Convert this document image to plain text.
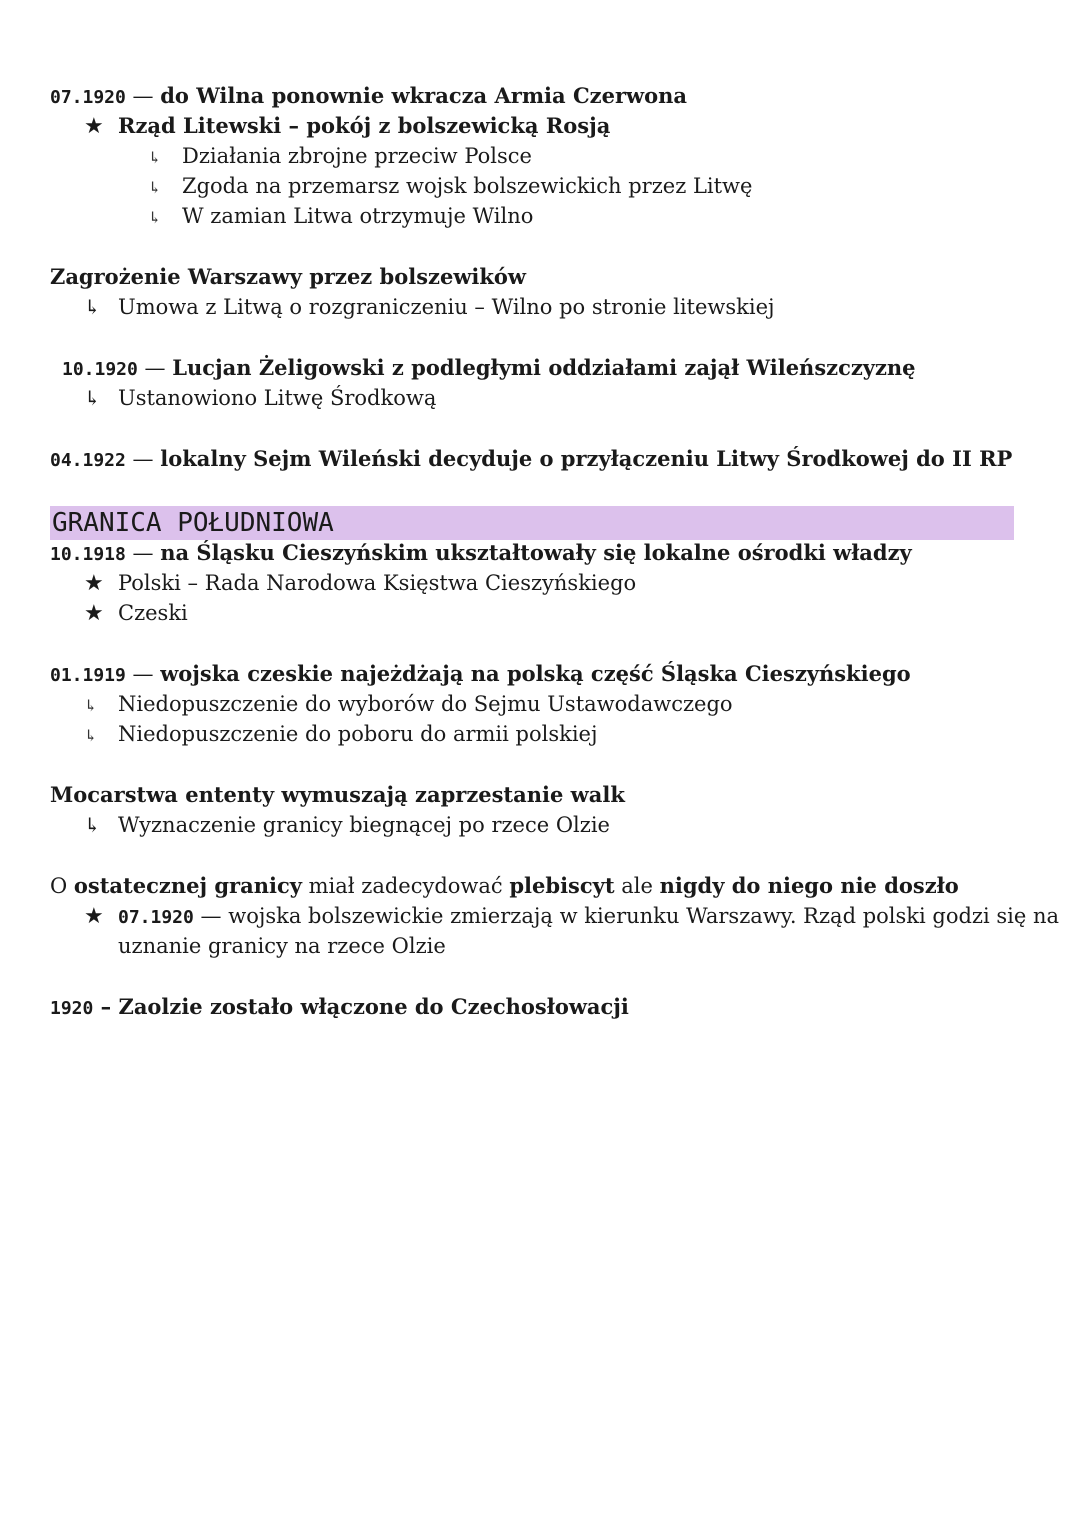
07.1920 — do Wilna ponownie wkracza Armia Czerwona
★ Rząd Litewski – pokój z bolszewicką Rosją
↳ Działania zbrojne przeciw Polsce
↳ Zgoda na przemarsz wojsk bolszewickich przez Litwę
↳ W zamian Litwa otrzymuje Wilno
Zagrożenie Warszawy przez bolszewików
↳ Umowa z Litwą o rozgraniczeniu – Wilno po stronie litewskiej
10.1920 — Lucjan Żeligowski z podległymi oddziałami zajął Wileńszczyznę
↳ Ustanowiono Litwę Środkową
04.1922 — lokalny Sejm Wileński decyduje o przyłączeniu Litwy Środkowej do II RP
GRANICA POŁUDNIOWA
10.1918 — na Śląsku Cieszyńskim ukształtowały się lokalne ośrodki władzy
★ Polski – Rada Narodowa Księstwa Cieszyńskiego
★ Czeski
01.1919 — wojska czeskie najeżdżają na polską część Śląska Cieszyńskiego
↳ Niedopuszczenie do wyborów do Sejmu Ustawodawczego
↳ Niedopuszczenie do poboru do armii polskiej
Mocarstwa ententy wymuszają zaprzestanie walk
↳ Wyznaczenie granicy biegnącej po rzece Olzie
O ostatecznej granicy miał zadecydować plebiscyt ale nigdy do niego nie doszło
★ 07.1920 — wojska bolszewickie zmierzają w kierunku Warszawy. Rząd polski godzi się na
uznanie granicy na rzece Olzie
1920 – Zaolzie zostało włączone do Czechosłowacji
